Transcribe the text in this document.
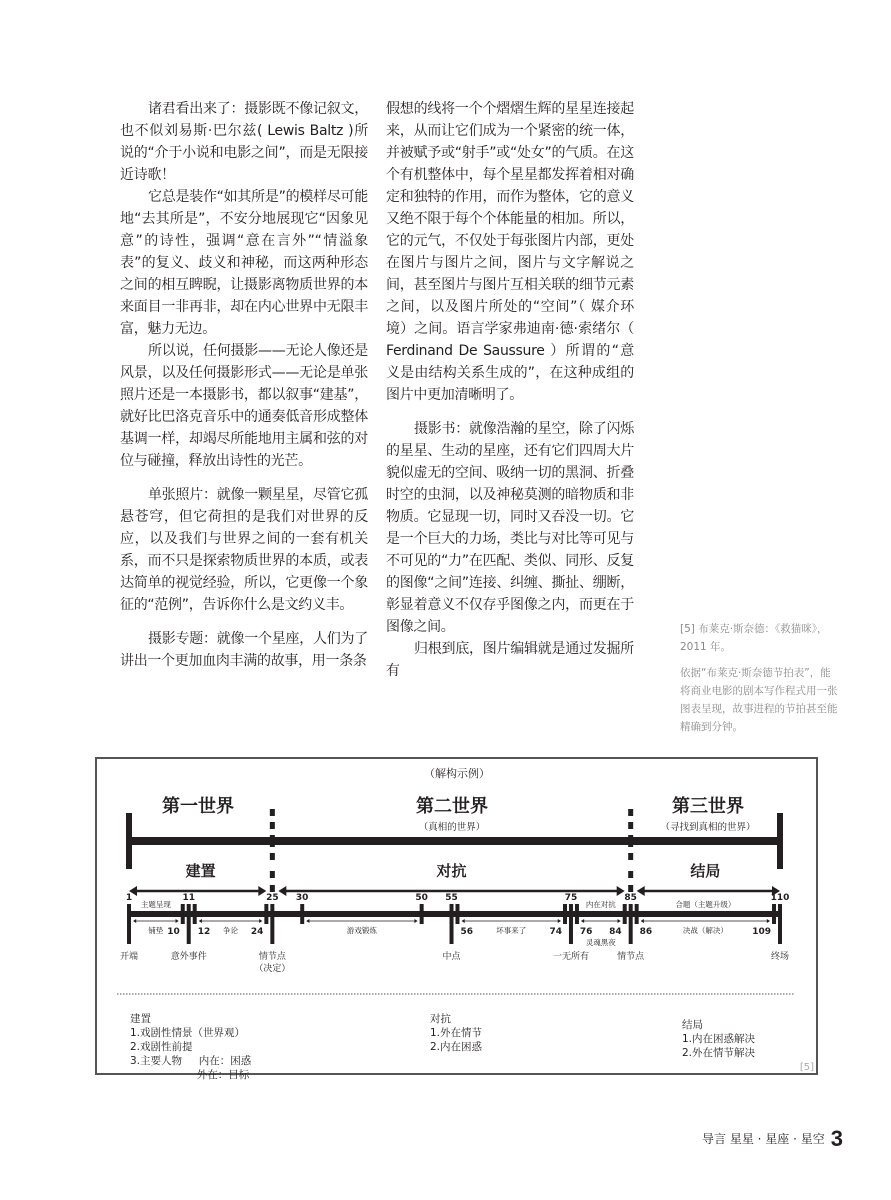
诸君看出来了：摄影既不像记叙文，也不似刘易斯·巴尔兹( Lewis Baltz )所说的“介于小说和电影之间”，而是无限接近诗歌！

它总是装作“如其所是”的模样尽可能地“去其所是”，不安分地展现它“因象见意”的诗性，强调“意在言外”“情溢象表”的复义、歧义和神秘，而这两种形态之间的相互睥睨，让摄影离物质世界的本来面目一非再非，却在内心世界中无限丰富，魅力无边。

所以说，任何摄影——无论人像还是风景，以及任何摄影形式——无论是单张照片还是一本摄影书，都以叙事“建基”，就好比巴洛克音乐中的通奏低音形成整体基调一样，却竭尽所能地用主属和弦的对位与碰撞，释放出诗性的光芒。

单张照片：就像一颗星星，尽管它孤悬苍穹，但它荷担的是我们对世界的反应，以及我们与世界之间的一套有机关系，而不只是探索物质世界的本质，或表达简单的视觉经验，所以，它更像一个象征的“范例”，告诉你什么是文约义丰。

摄影专题：就像一个星座，人们为了讲出一个更加血肉丰满的故事，用一条条

假想的线将一个个熠熠生辉的星星连接起来，从而让它们成为一个紧密的统一体，并被赋予或“射手”或“处女”的气质。在这个有机整体中，每个星星都发挥着相对确定和独特的作用，而作为整体，它的意义又绝不限于每个个体能量的相加。所以，它的元气，不仅处于每张图片内部，更处在图片与图片之间，图片与文字解说之间，甚至图片与图片互相关联的细节元素之间，以及图片所处的“空间”（ 媒介环境）之间。语言学家弗迪南·德·索绪尔（ Ferdinand De Saussure ）所谓的“意义是由结构关系生成的”，在这种成组的图片中更加清晰明了。

摄影书：就像浩瀚的星空，除了闪烁的星星、生动的星座，还有它们四周大片貌似虚无的空间、吸纳一切的黑洞、折叠时空的虫洞，以及神秘莫测的暗物质和非物质。它显现一切，同时又吞没一切。它是一个巨大的力场，类比与对比等可见与不可见的“力”在匹配、类似、同形、反复的图像“之间”连接、纠缠、撕扯、绷断，彰显着意义不仅存乎图像之内，而更在于图像之间。

归根到底，图片编辑就是通过发掘所有

[5] 布莱克·斯奈德：《救猫咪》，2011 年。

依据“布莱克·斯奈德节拍表”，能将商业电影的剧本写作程式用一张图表呈现，故事进程的节拍甚至能精确到分钟。

（解构示例）
第一世界	第二世界
（真相的世界）
第三世界
（寻找到真相的世界）
建置	对抗	结局
1	11	25 30	50 55	75	85	110
10 12	24	56	74 76 84 86	109
主题呈现	内在对抗	合题（主题升级）
铺垫	争论	游戏锻炼	坏事来了
灵魂黑夜
决战（解决）
开端	意外事件	情节点
（决定）
中点	一无所有	情节点	终场
建置
1.戏剧性情景（世界观）
2.戏剧性前提
3.主要人物     内在：困惑
外在：目标
对抗
1.外在情节
2.内在困惑
结局
1.内在困惑解决
2.外在情节解决
[5]
导言 星星 · 星座 · 星空 3
